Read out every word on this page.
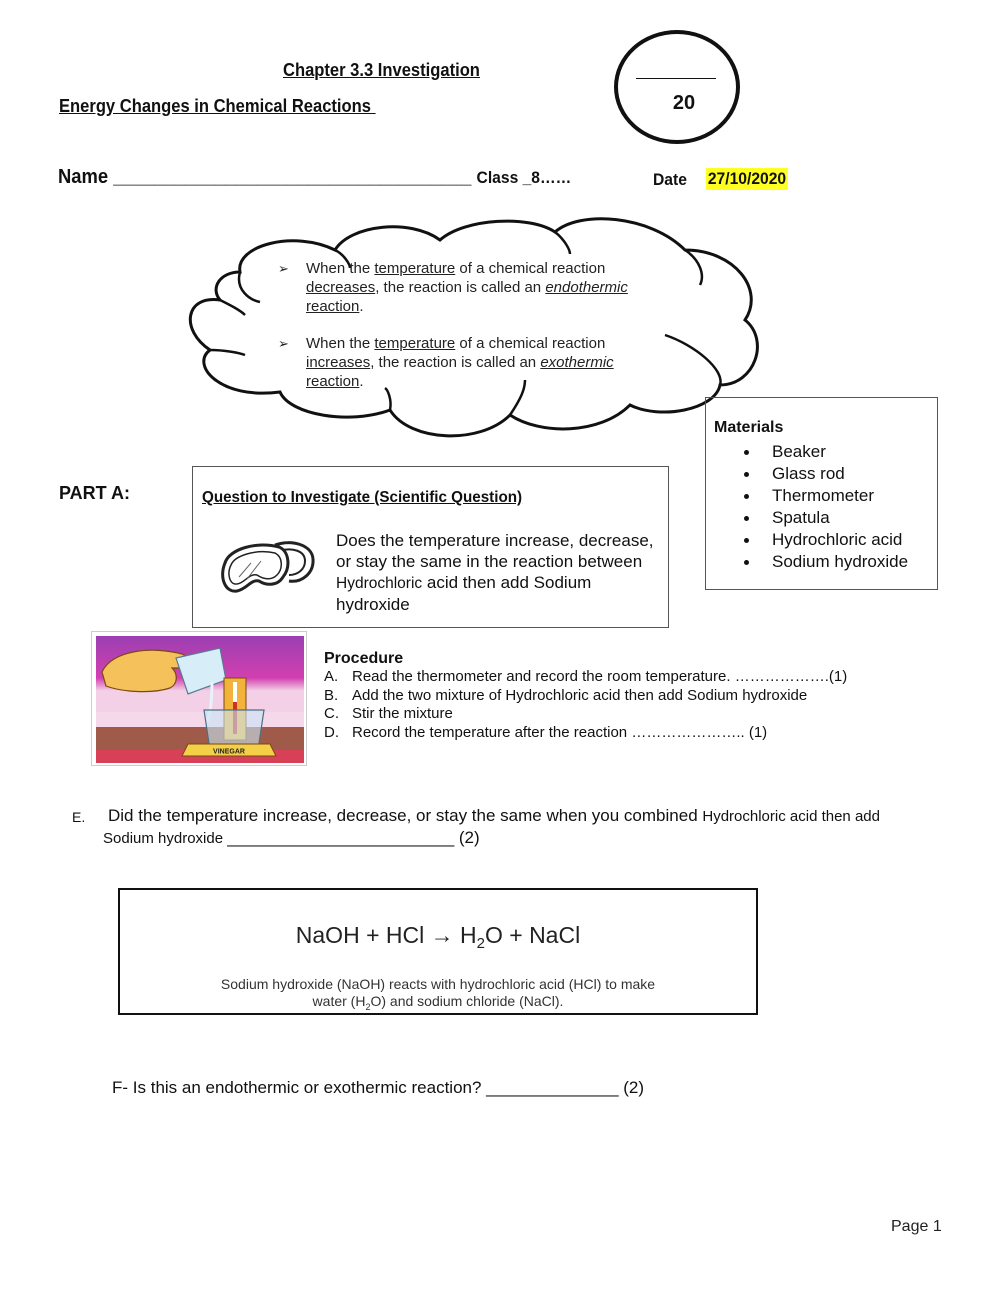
Chapter 3.3 Investigation
Energy Changes in Chemical Reactions	20
Name ___________________________________ Class _8……	Date 27/10/2020
➢ When the temperature of a chemical reaction decreases, the reaction is called an endothermic reaction.
➢ When the temperature of a chemical reaction increases, the reaction is called an exothermic reaction.
Materials
Beaker
Glass rod
Thermometer
Spatula
Hydrochloric acid
Sodium hydroxide
PART A:	Question to Investigate (Scientific Question)
Does the temperature increase, decrease, or stay the same in the reaction between Hydrochloric acid then add Sodium hydroxide
VINEGAR
Procedure
A. Read the thermometer and record the room temperature. ……………….(1)
B. Add the two mixture of Hydrochloric acid then add Sodium hydroxide
C. Stir the mixture
D. Record the temperature after the reaction ………………….. (1)
E. Did the temperature increase, decrease, or stay the same when you combined Hydrochloric acid then add
Sodium hydroxide ________________________ (2)
NaOH + HCl → $H_2O$ + NaCl
Sodium hydroxide (NaOH) reacts with hydrochloric acid (HCl) to make
water $(H_2O)$ and sodium chloride (NaCl).
F- Is this an endothermic or exothermic reaction? ______________ (2)
Page 1
